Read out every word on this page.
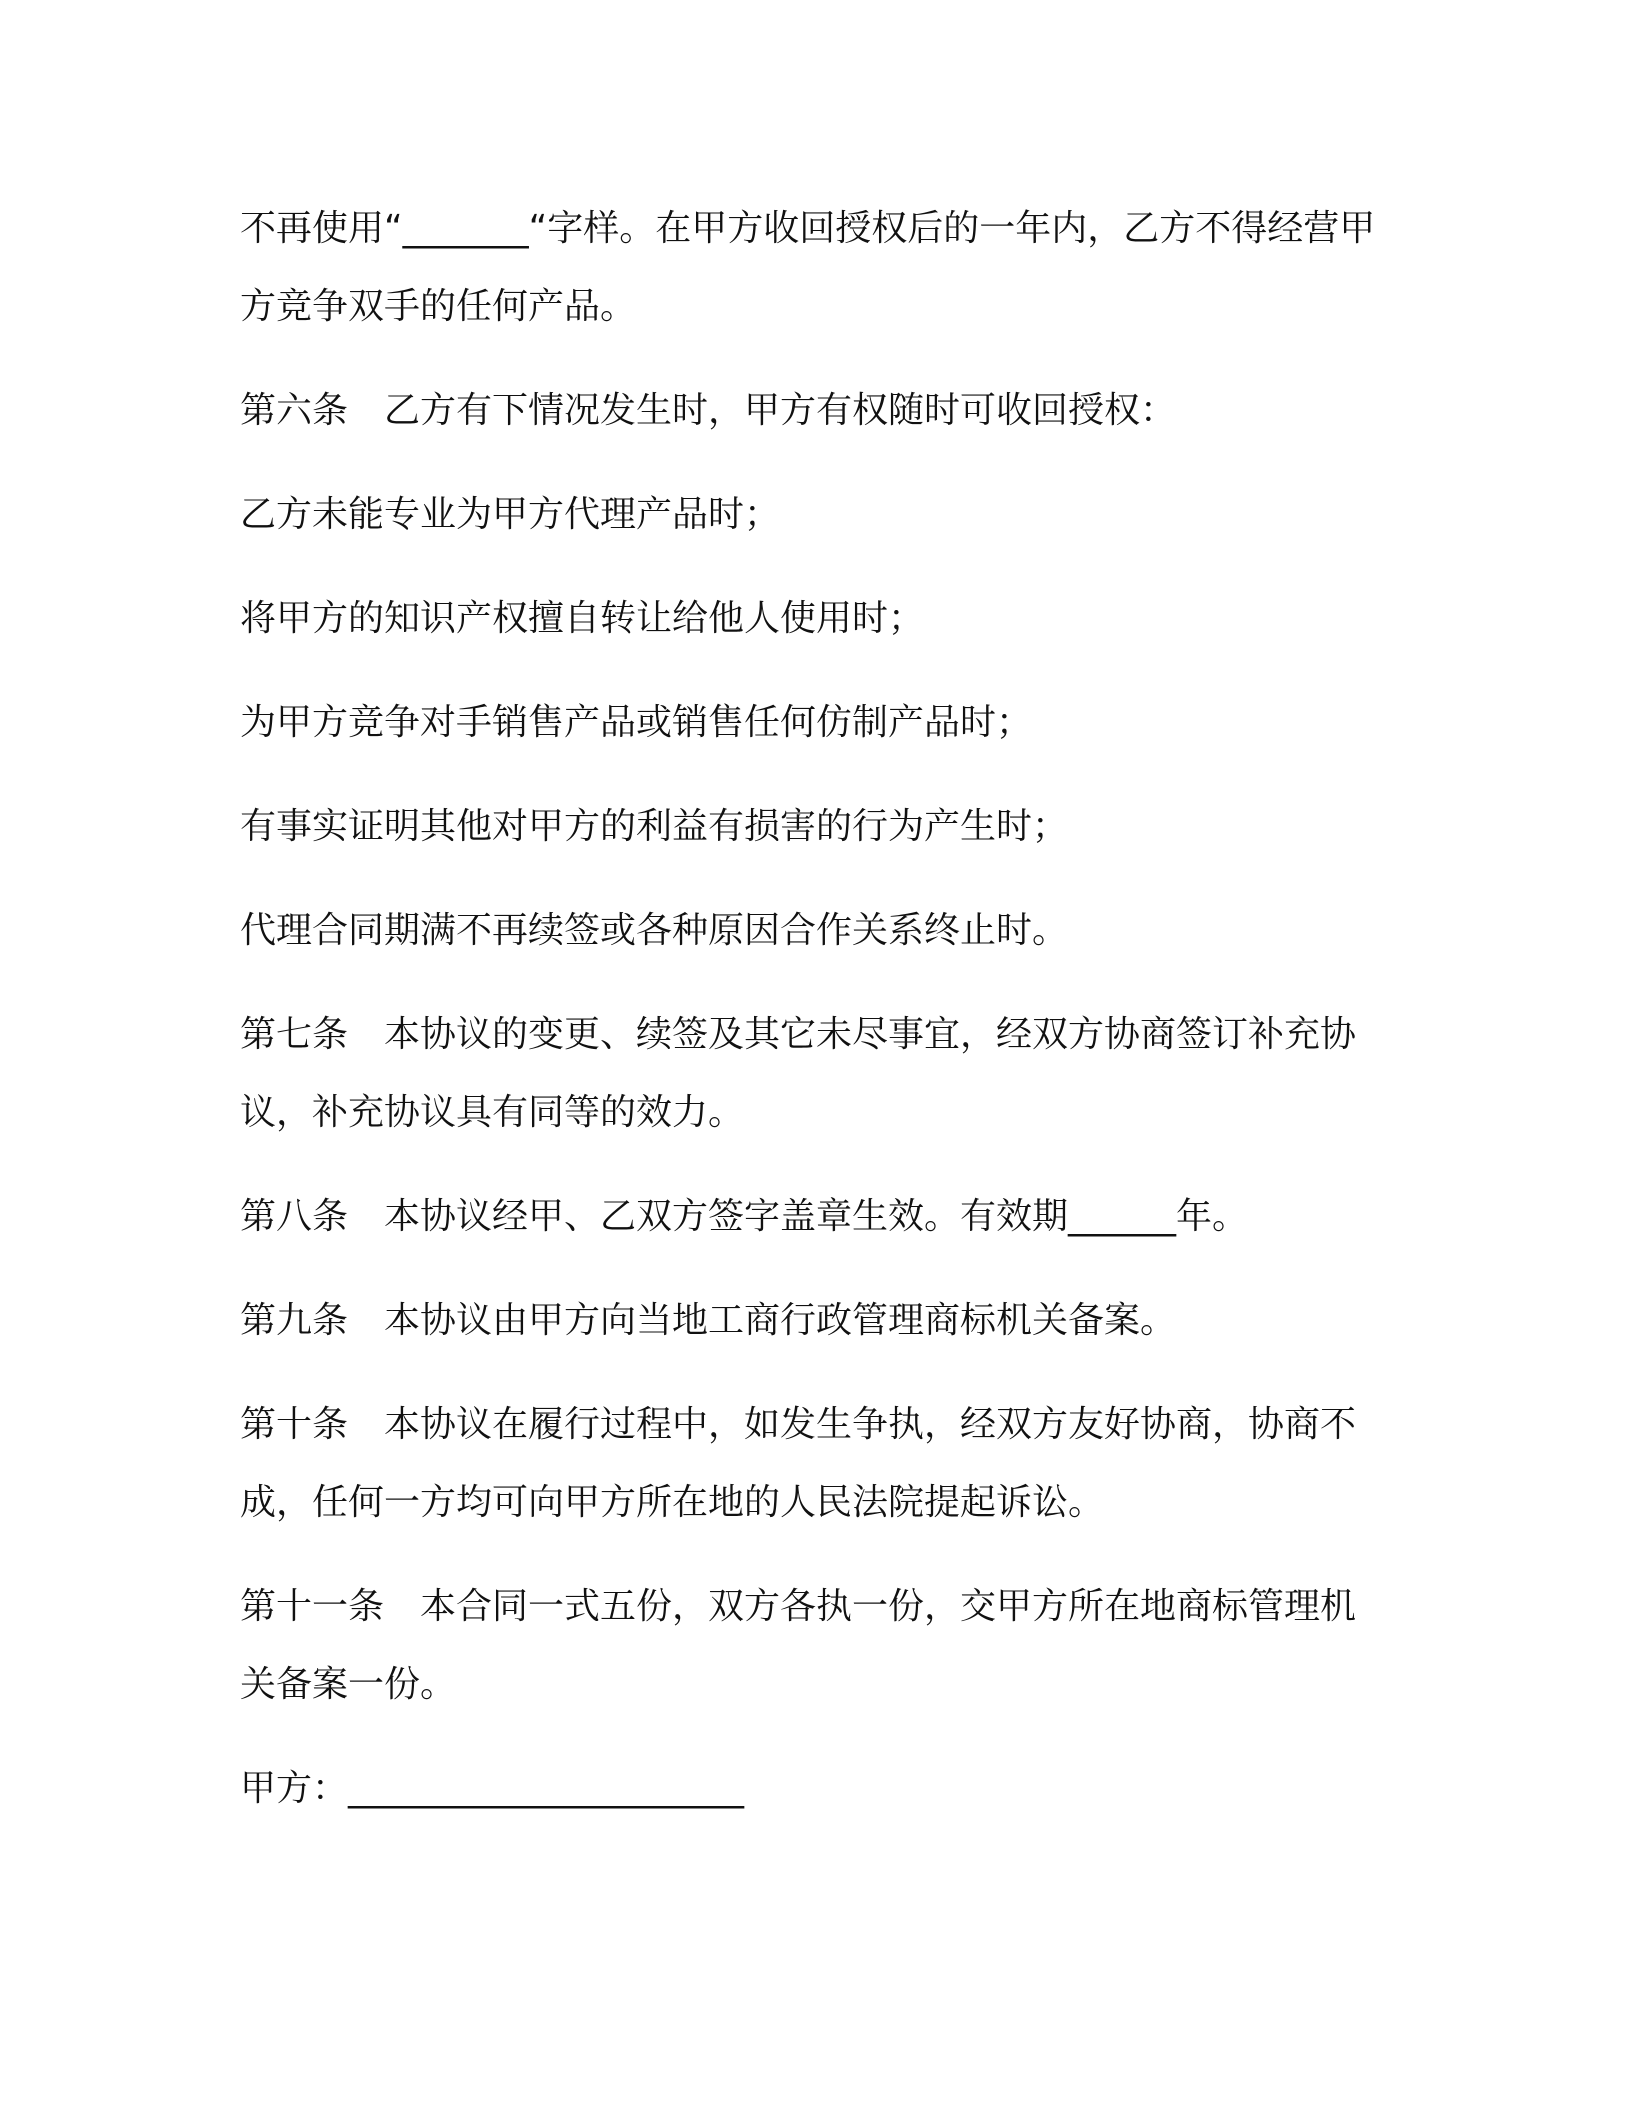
不再使用“_______“字样。在甲方收回授权后的一年内，乙方不得经营甲方竞争双手的任何产品。

第六条　乙方有下情况发生时，甲方有权随时可收回授权：

乙方未能专业为甲方代理产品时；

将甲方的知识产权擅自转让给他人使用时；

为甲方竞争对手销售产品或销售任何仿制产品时；

有事实证明其他对甲方的利益有损害的行为产生时；

代理合同期满不再续签或各种原因合作关系终止时。

第七条　本协议的变更、续签及其它未尽事宜，经双方协商签订补充协议，补充协议具有同等的效力。

第八条　本协议经甲、乙双方签字盖章生效。有效期______年。

第九条　本协议由甲方向当地工商行政管理商标机关备案。

第十条　本协议在履行过程中，如发生争执，经双方友好协商，协商不成，任何一方均可向甲方所在地的人民法院提起诉讼。

第十一条　本合同一式五份，双方各执一份，交甲方所在地商标管理机关备案一份。

甲方：______________________
